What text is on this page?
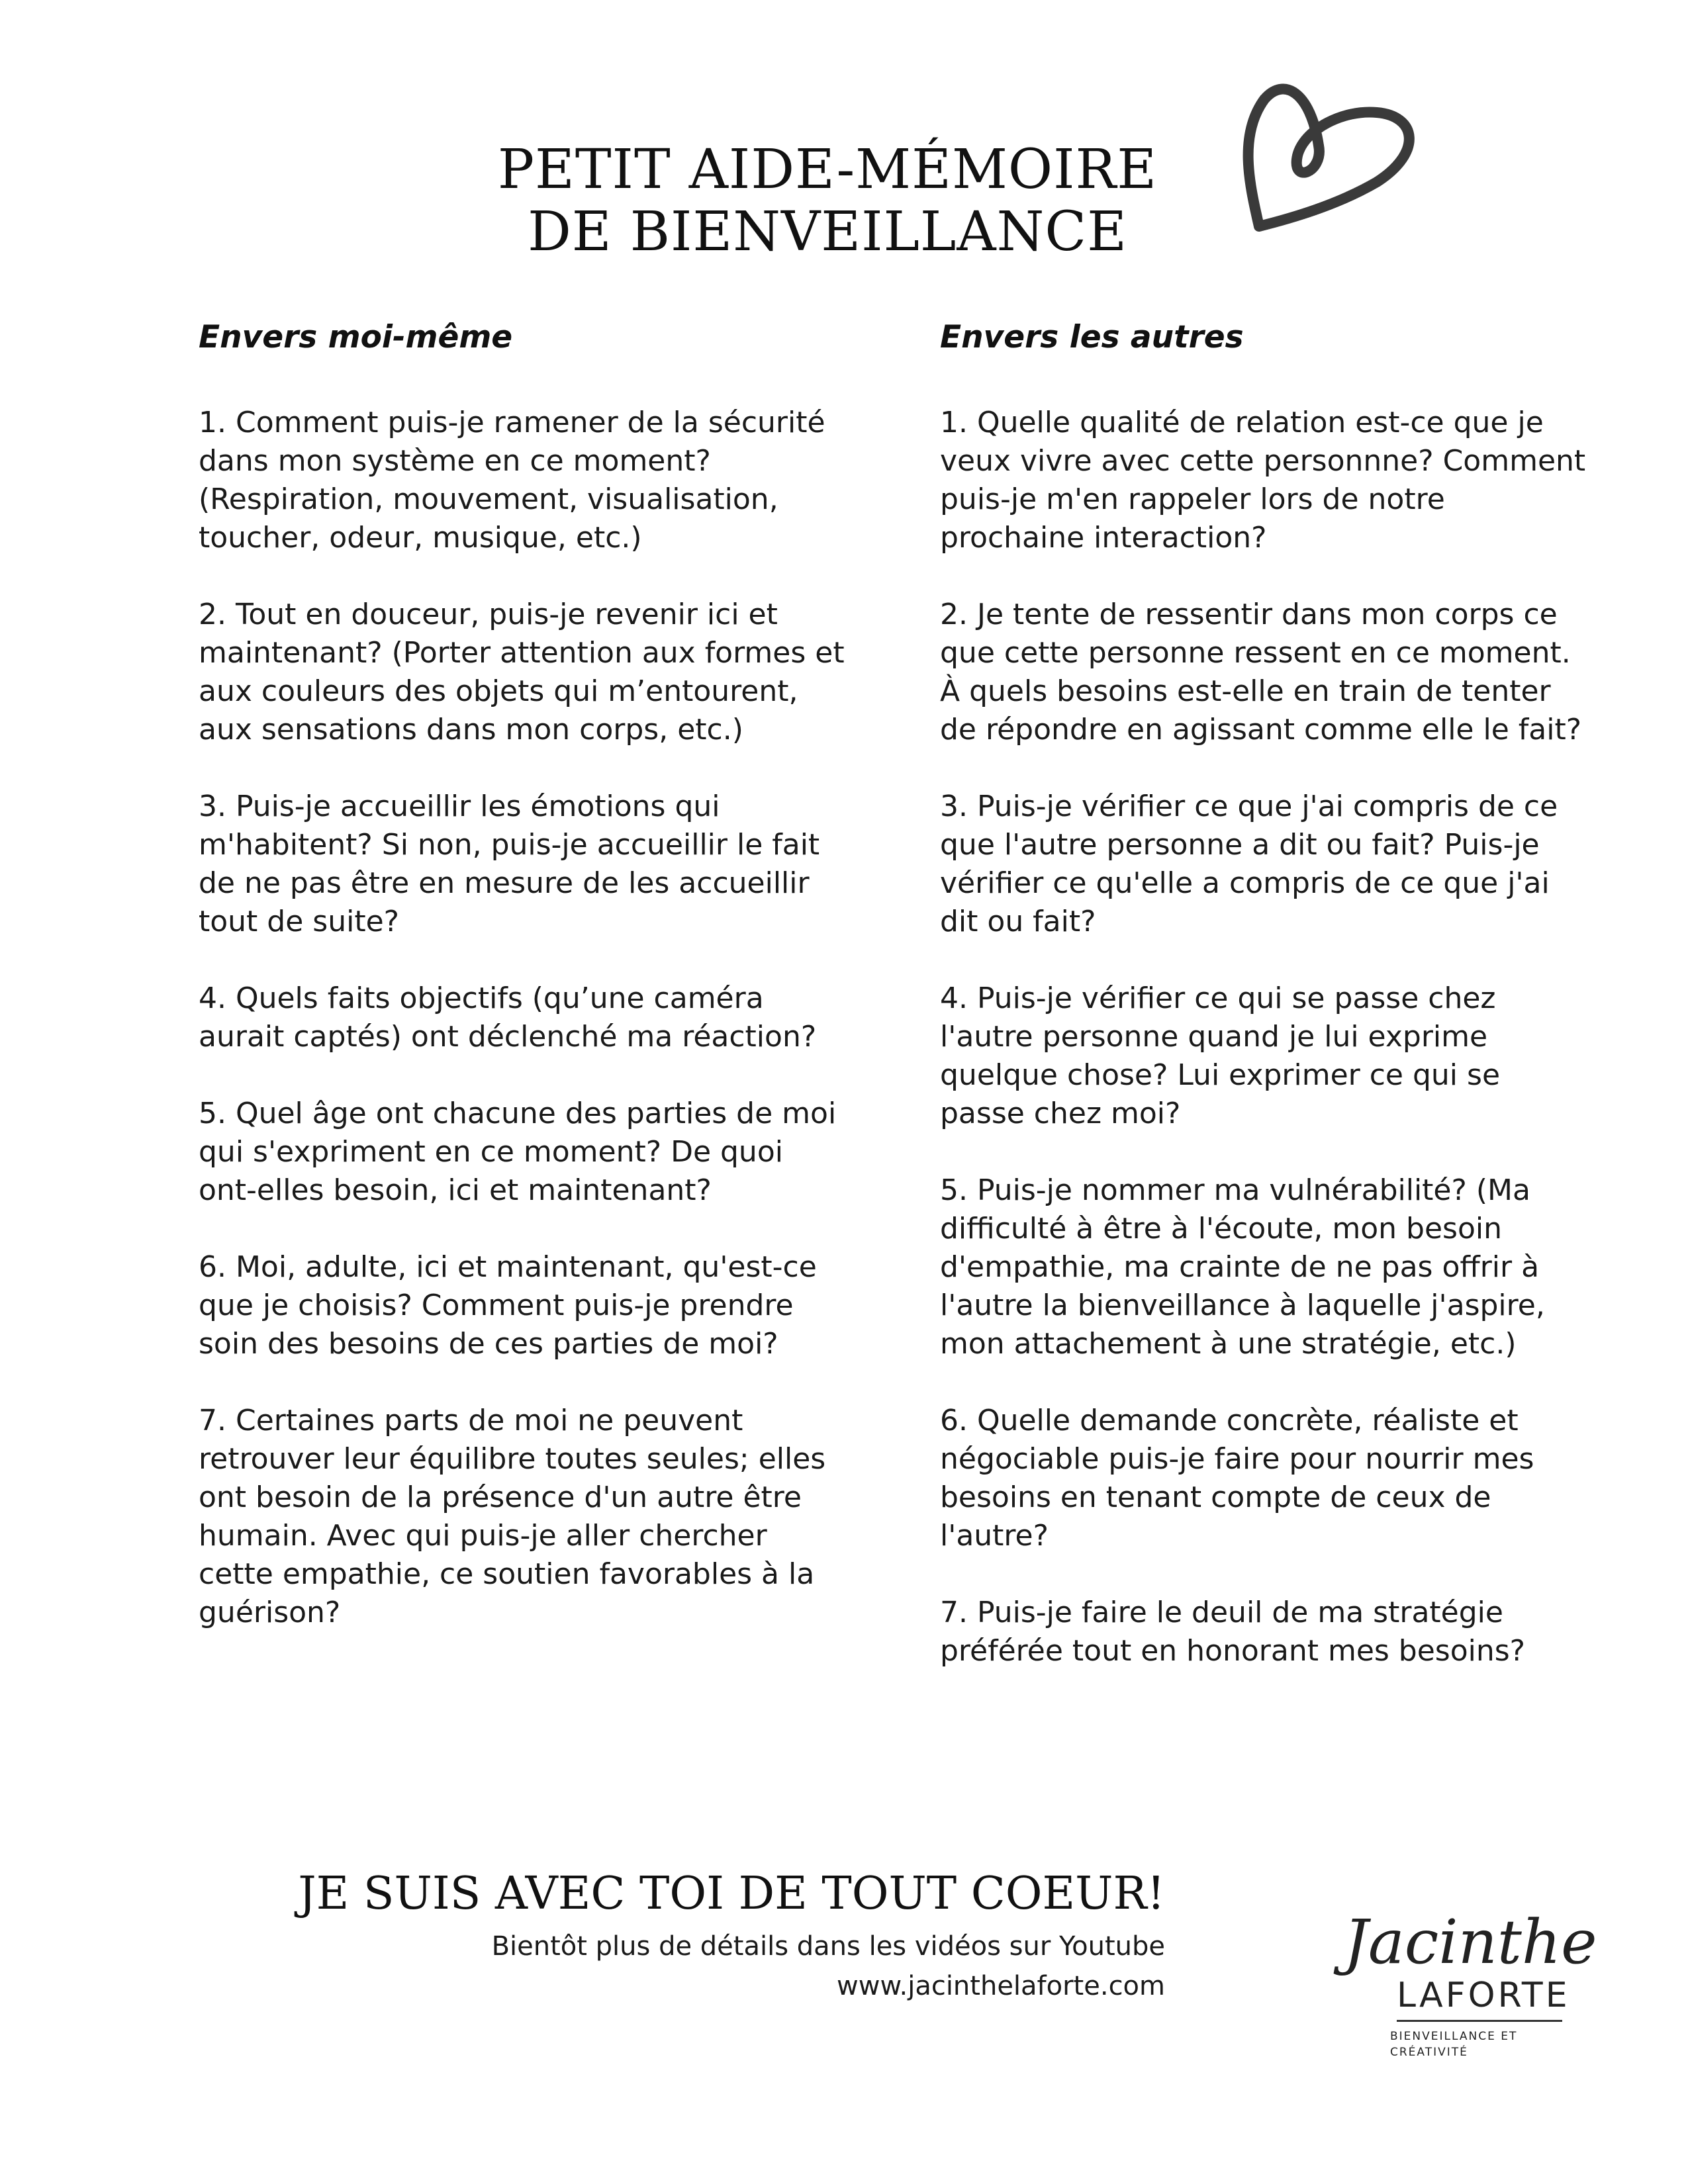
PETIT AIDE-MÉMOIRE
DE BIENVEILLANCE
Envers moi-même

1. Comment puis-je ramener de la sécurité dans mon système en ce moment? (Respiration, mouvement, visualisation, toucher, odeur, musique, etc.)

2. Tout en douceur, puis-je revenir ici et maintenant? (Porter attention aux formes et aux couleurs des objets qui m’entourent, aux sensations dans mon corps, etc.)

3. Puis-je accueillir les émotions qui m'habitent? Si non, puis-je accueillir le fait de ne pas être en mesure de les accueillir tout de suite?

4. Quels faits objectifs (qu’une caméra aurait captés) ont déclenché ma réaction?

5. Quel âge ont chacune des parties de moi qui s'expriment en ce moment? De quoi ont-elles besoin, ici et maintenant?

6. Moi, adulte, ici et maintenant, qu'est-ce que je choisis? Comment puis-je prendre soin des besoins de ces parties de moi?

7. Certaines parts de moi ne peuvent retrouver leur équilibre toutes seules; elles ont besoin de la présence d'un autre être humain. Avec qui puis-je aller chercher cette empathie, ce soutien favorables à la guérison?

Envers les autres

1. Quelle qualité de relation est-ce que je veux vivre avec cette personnne? Comment puis-je m'en rappeler lors de notre prochaine interaction?

2. Je tente de ressentir dans mon corps ce que cette personne ressent en ce moment. À quels besoins est-elle en train de tenter de répondre en agissant comme elle le fait?

3. Puis-je vérifier ce que j'ai compris de ce que l'autre personne a dit ou fait? Puis-je vérifier ce qu'elle a compris de ce que j'ai dit ou fait?

4. Puis-je vérifier ce qui se passe chez l'autre personne quand je lui exprime quelque chose? Lui exprimer ce qui se passe chez moi?

5. Puis-je nommer ma vulnérabilité? (Ma difficulté à être à l'écoute, mon besoin d'empathie, ma crainte de ne pas offrir à l'autre la bienveillance à laquelle j'aspire, mon attachement à une stratégie, etc.)

6. Quelle demande concrète, réaliste et négociable puis-je faire pour nourrir mes besoins en tenant compte de ceux de l'autre?

7. Puis-je faire le deuil de ma stratégie préférée tout en honorant mes besoins?

JE SUIS AVEC TOI DE TOUT COEUR!
Bientôt plus de détails dans les vidéos sur Youtube
www.jacinthelaforte.com
Jacinthe
LAFORTE
BIENVEILLANCE ET CRÉATIVITÉ
